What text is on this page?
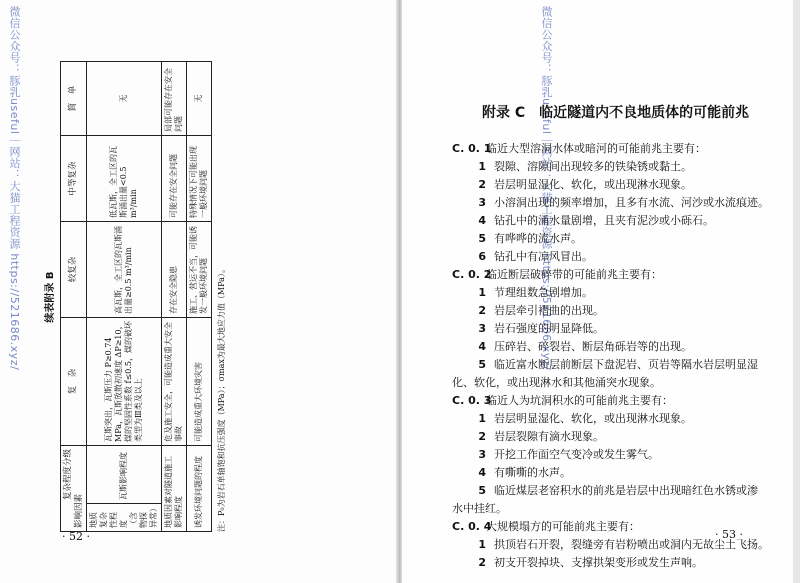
续表附录 B
复杂程度分级
影响因素		复　杂	较复杂	中等复杂	简　单
地质复杂性程度（含物探异常）	瓦斯影响程度	瓦斯突出，瓦斯压力 P≥0.74 MPa，瓦斯放散初速度 ΔP≥10，煤的坚固性系数 f≤0.5，煤的破坏类型为Ⅲ类及以上	高瓦斯，全工区的瓦斯涌出量≥0.5 m³/min	低瓦斯，全工区的瓦斯涌出量<0.5 m³/min	无
地质因素对隧道施工影响程度		危及施工安全，可能造成重大安全事故	存在安全隐患	可能存在安全问题	局部可能存在安全问题
诱发环境问题的程度		可能造成重大环境灾害	施工、营运不当，可能诱发一般环境问题	特殊情况下可能出现一般环境问题	无
注：P₀为岩石单轴饱和抗压强度（MPa）；σmax为最大地应力值（MPa）。
· 52 ·
微信公众号：豚乳useful｜网站：大猫工程资源 https://521686.xyz/	微信公众号：豚乳useful｜网站：大猫工程资源 https://521686.xyz/
附录 C　临近隧道内不良地质体的可能前兆
C. 0. 1临近大型溶洞水体或暗河的可能前兆主要有：
1 裂隙、溶隙间出现较多的铁染锈或黏土。
2 岩层明显湿化、软化，或出现淋水现象。
3 小溶洞出现的频率增加，且多有水流、河沙或水流痕迹。
4 钻孔中的涌水量剧增，且夹有泥沙或小砾石。
5 有哗哗的流水声。
6 钻孔中有凉风冒出。
C. 0. 2临近断层破碎带的可能前兆主要有：
1 节理组数急剧增加。
2 岩层牵引褶曲的出现。
3 岩石强度的明显降低。
4 压碎岩、碎裂岩、断层角砾岩等的出现。
5 临近富水断层前断层下盘泥岩、页岩等隔水岩层明显湿
化、软化，或出现淋水和其他涌突水现象。
C. 0. 3临近人为坑洞积水的可能前兆主要有：
1 岩层明显湿化、软化，或出现淋水现象。
2 岩层裂隙有滴水现象。
3 开挖工作面空气变冷或发生雾气。
4 有嘶嘶的水声。
5 临近煤层老窑积水的前兆是岩层中出现暗红色水锈或渗
水中挂红。
C. 0. 4大规模塌方的可能前兆主要有：
1 拱顶岩石开裂，裂缝旁有岩粉喷出或洞内无故尘土飞扬。
2 初支开裂掉块、支撑拱架变形或发生声响。
· 53 ·
